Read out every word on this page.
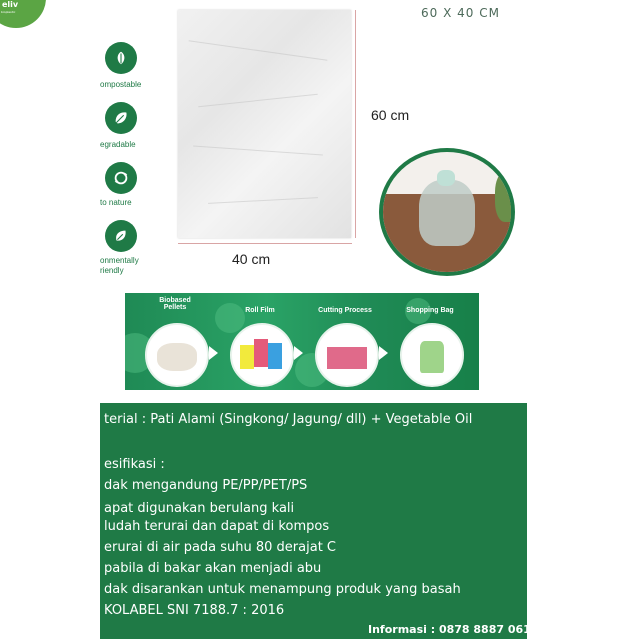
eliv
bioplastic	60 X 40 CM
ompostable
egradable
to nature
onmentally
riendly
40 cm
60 cm
Biobased
Pellets	Roll Film	Cutting Process	Shopping Bag
terial : Pati Alami (Singkong/ Jagung/ dll) + Vegetable Oil
esifikasi :
dak mengandung PE/PP/PET/PS
apat digunakan berulang kali
ludah terurai dan dapat di kompos
erurai di air pada suhu 80 derajat C
pabila di bakar akan menjadi abu
dak disarankan untuk menampung produk yang basah
KOLABEL SNI 7188.7 : 2016
Informasi : 0878 8887 0618
